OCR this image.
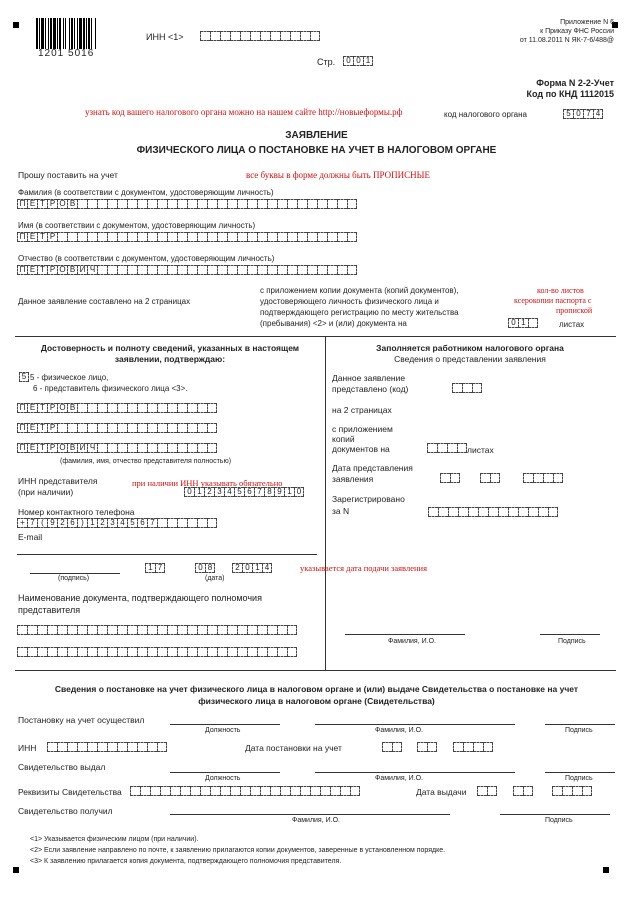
1201 5016
ИНН <1>
Стр.	0 0 1
Приложение N 6
к Приказу ФНС России
от 11.08.2011 N ЯК-7-6/488@
Форма N 2-2-Учет
Код по КНД 1112015
узнать код вашего налогового органа можно на нашем сайте http://новыеформы.рф	код налогового органа	5 0 7 4
ЗАЯВЛЕНИЕ
ФИЗИЧЕСКОГО ЛИЦА О ПОСТАНОВКЕ НА УЧЕТ В НАЛОГОВОМ ОРГАНЕ
Прошу поставить на учет	все буквы в форме должны быть ПРОПИСНЫЕ
Фамилия (в соответствии с документом, удостоверяющим личность)
П Е Т Р О В
Имя (в соответствии с документом, удостоверяющим личность)
П Е Т Р
Отчество (в соответствии с документом, удостоверяющим личность)
П Е Т Р О В И Ч
Данное заявление составлено на 2 страницах
с приложением копии документа (копий документов),
удостоверяющего личность физического лица и
подтверждающего регистрацию по месту жительства
(пребывания) <2> и (или) документа на	0 1	листах
кол-во листов
ксерокопии паспорта с
пропиской
Достоверность и полноту сведений, указанных в настоящем
заявлении, подтверждаю:
5 5 - физическое лицо,
6 - представитель физического лица <3>.
П Е Т Р О В
П Е Т Р
П Е Т Р О В И Ч
(фамилия, имя, отчество представителя полностью)
ИНН представителя
(при наличии)
при наличии ИНН указывать обязательно
0 1 2 3 4 5 6 7 8 9 1 0
Номер контактного телефона
+ 7 ( 9 2 6 ) 1 2 3 4 5 6 7
E-mail
1 7	0 8	2 0 1 4
(подпись)	(дата)
указывается дата подачи заявления
Наименование документа, подтверждающего полномочия
представителя
Заполняется работником налогового органа
Сведения о представлении заявления
Данное заявление
представлено (код)
на 2 страницах
с приложением
копий
документов на	листах
Дата представления
заявления
Зарегистрировано
за N
Фамилия, И.О.	Подпись
Сведения о постановке на учет физического лица в налоговом органе и (или) выдаче Свидетельства о постановке на учет
физического лица в налоговом органе (Свидетельства)
Постановку на учет осуществил
Должность	Фамилия, И.О.	Подпись
ИНН	Дата постановки на учет
Свидетельство выдал
Должность	Фамилия, И.О.	Подпись
Реквизиты Свидетельства	Дата выдачи
Свидетельство получил
Фамилия, И.О.	Подпись
<1> Указывается физическим лицом (при наличии).
<2> Если заявление направлено по почте, к заявлению прилагаются копии документов, заверенные в установленном порядке.
<3> К заявлению прилагается копия документа, подтверждающего полномочия представителя.
